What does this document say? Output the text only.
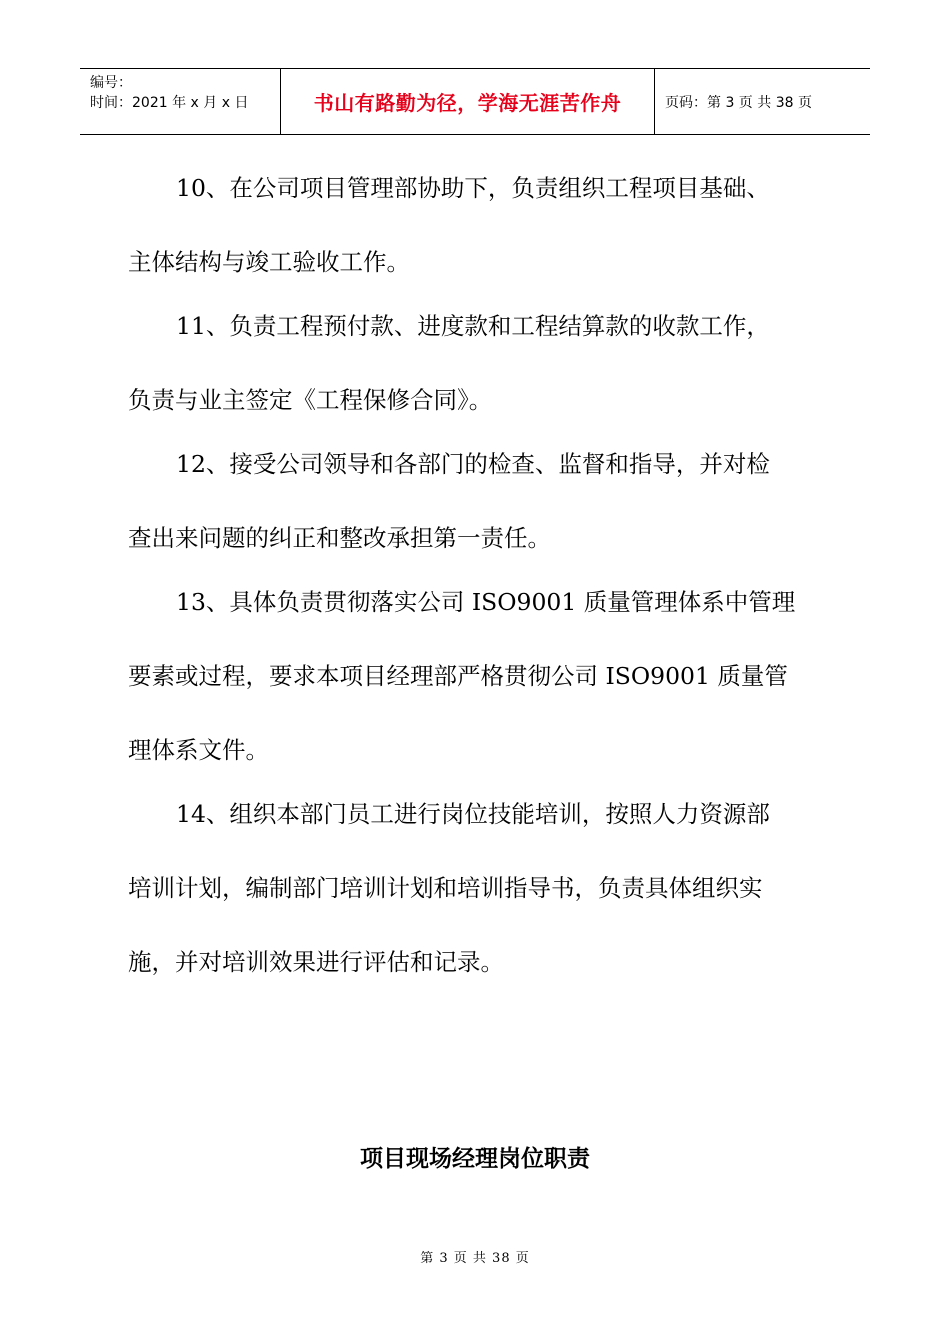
编号：
时间：2021 年 x 月 x 日	书山有路勤为径，学海无涯苦作舟	页码：第 3 页 共 38 页
10、在公司项目管理部协助下，负责组织工程项目基础、
主体结构与竣工验收工作。
11、负责工程预付款、进度款和工程结算款的收款工作，
负责与业主签定《工程保修合同》。
12、接受公司领导和各部门的检查、监督和指导，并对检
查出来问题的纠正和整改承担第一责任。
13、具体负责贯彻落实公司 ISO9001 质量管理体系中管理
要素或过程，要求本项目经理部严格贯彻公司 ISO9001 质量管
理体系文件。
14、组织本部门员工进行岗位技能培训，按照人力资源部
培训计划，编制部门培训计划和培训指导书，负责具体组织实
施，并对培训效果进行评估和记录。
项目现场经理岗位职责
第 3 页 共 38 页
